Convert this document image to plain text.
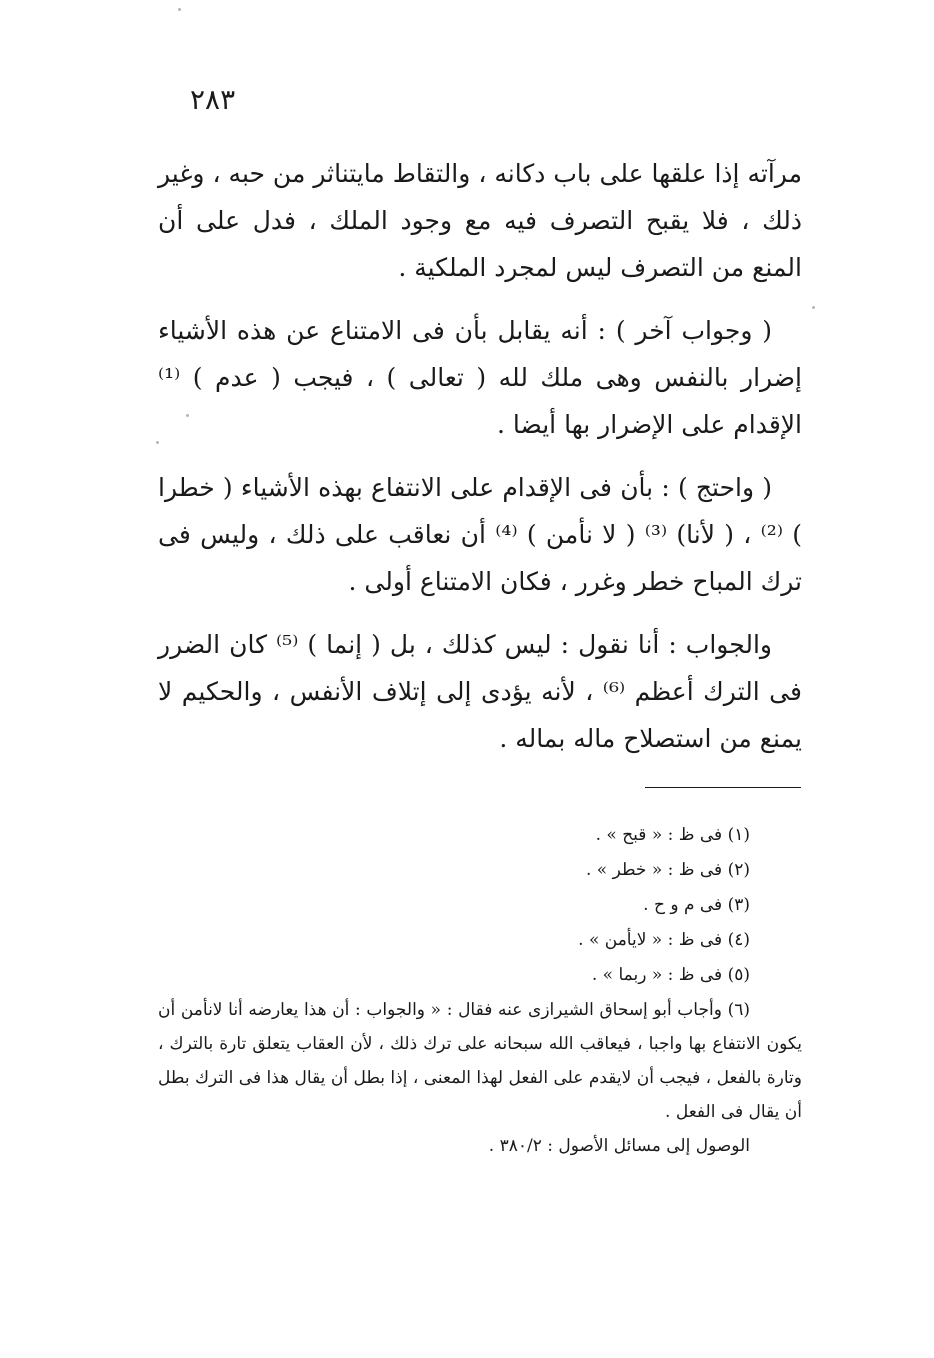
٢٨٣

مرآته إذا علقها على باب دكانه ، والتقاط مايتناثر من حبه ، وغير ذلك ، فلا يقبح التصرف فيه مع وجود الملك ، فدل على أن المنع من التصرف ليس لمجرد الملكية .

( وجواب آخر ) : أنه يقابل بأن فى الامتناع عن هذه الأشياء إضرار بالنفس وهى ملك لله ( تعالى ) ، فيجب ( عدم ) ⁽¹⁾ الإقدام على الإضرار بها أيضا .

( واحتج ) : بأن فى الإقدام على الانتفاع بهذه الأشياء ( خطرا ) ⁽²⁾ ، ( لأنا) ⁽³⁾ ( لا نأمن ) ⁽⁴⁾ أن نعاقب على ذلك ، وليس فى ترك المباح خطر وغرر ، فكان الامتناع أولى .

والجواب : أنا نقول : ليس كذلك ، بل ( إنما ) ⁽⁵⁾ كان الضرر فى الترك أعظم ⁽⁶⁾ ، لأنه يؤدى إلى إتلاف الأنفس ، والحكيم لا يمنع من استصلاح ماله بماله .

(١) فى ظ : « قبح » .

(٢) فى ظ : « خطر » .

(٣) فى م و ح .

(٤) فى ظ : « لايأمن » .

(٥) فى ظ : « ربما » .

(٦) وأجاب أبو إسحاق الشيرازى عنه فقال : « والجواب : أن هذا يعارضه أنا لانأمن أن يكون الانتفاع بها واجبا ، فيعاقب الله سبحانه على ترك ذلك ، لأن العقاب يتعلق تارة بالترك ، وتارة بالفعل ، فيجب أن لايقدم على الفعل لهذا المعنى ، إذا بطل أن يقال هذا فى الترك بطل أن يقال فى الفعل .

الوصول إلى مسائل الأصول : ٣٨٠/٢ .
